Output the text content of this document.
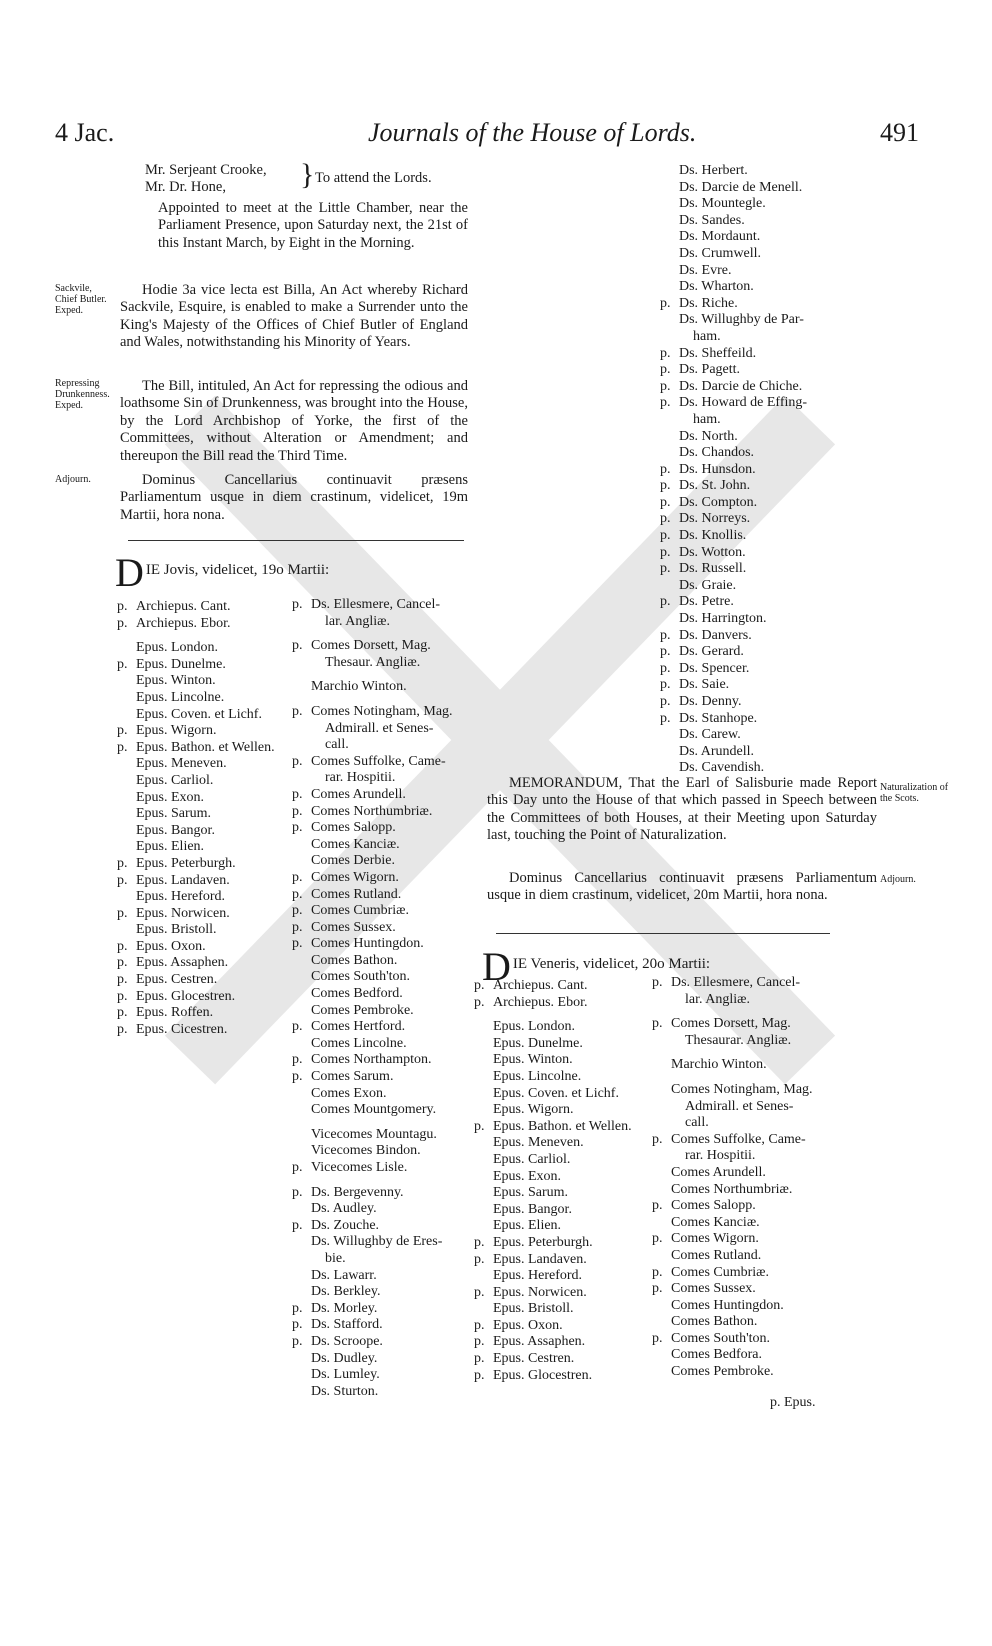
4 Jac.	Journals of the House of Lords.	491
Mr. Serjeant Crooke,
Mr. Dr. Hone,	} To attend the Lords.
Appointed to meet at the Little Chamber, near the Parliament Presence, upon Saturday next, the 21st of this Instant March, by Eight in the Morning.
Sackvile, Chief Butler. Exped.
Hodie 3a vice lecta est Billa, An Act whereby Richard Sackvile, Esquire, is enabled to make a Surrender unto the King's Majesty of the Offices of Chief Butler of England and Wales, notwithstanding his Minority of Years.
Repressing Drunkenness. Exped.
The Bill, intituled, An Act for repressing the odious and loathsome Sin of Drunkenness, was brought into the House, by the Lord Archbishop of Yorke, the first of the Committees, without Alteration or Amendment; and thereupon the Bill read the Third Time.
Adjourn.	Dominus Cancellarius continuavit præsens Parliamentum usque in diem crastinum, videlicet, 19m Martii, hora nona.
D IE Jovis, videlicet, 19o Martii:
p. Archiepus. Cant.
p. Archiepus. Ebor.
Epus. London.
p. Epus. Dunelme.
Epus. Winton.
Epus. Lincolne.
Epus. Coven. et Lichf.
p. Epus. Wigorn.
p. Epus. Bathon. et Wellen.
Epus. Meneven.
Epus. Carliol.
Epus. Exon.
Epus. Sarum.
Epus. Bangor.
Epus. Elien.
p. Epus. Peterburgh.
p. Epus. Landaven.
Epus. Hereford.
p. Epus. Norwicen.
Epus. Bristoll.
p. Epus. Oxon.
p. Epus. Assaphen.
p. Epus. Cestren.
p. Epus. Glocestren.
p. Epus. Roffen.
p. Epus. Cicestren.
p. Ds. Ellesmere, Cancel-
 lar. Angliæ.
p. Comes Dorsett, Mag.
 Thesaur. Angliæ.
Marchio Winton.
p. Comes Notingham, Mag.
 Admirall. et Senes-
 call.
p. Comes Suffolke, Came-
 rar. Hospitii.
p. Comes Arundell.
p. Comes Northumbriæ.
p. Comes Salopp.
Comes Kanciæ.
Comes Derbie.
p. Comes Wigorn.
p. Comes Rutland.
p. Comes Cumbriæ.
p. Comes Sussex.
p. Comes Huntingdon.
Comes Bathon.
Comes South'ton.
Comes Bedford.
Comes Pembroke.
p. Comes Hertford.
Comes Lincolne.
p. Comes Northampton.
p. Comes Sarum.
Comes Exon.
Comes Mountgomery.
Vicecomes Mountagu.
Vicecomes Bindon.
p. Vicecomes Lisle.
p. Ds. Bergevenny.
Ds. Audley.
p. Ds. Zouche.
Ds. Willughby de Eres-
 bie.
Ds. Lawarr.
Ds. Berkley.
p. Ds. Morley.
p. Ds. Stafford.
p. Ds. Scroope.
Ds. Dudley.
Ds. Lumley.
Ds. Sturton.
Ds. Herbert.
Ds. Darcie de Menell.
Ds. Mountegle.
Ds. Sandes.
Ds. Mordaunt.
Ds. Crumwell.
Ds. Evre.
Ds. Wharton.
p. Ds. Riche.
Ds. Willughby de Par-
 ham.
p. Ds. Sheffeild.
p. Ds. Pagett.
p. Ds. Darcie de Chiche.
p. Ds. Howard de Effing-
 ham.
Ds. North.
Ds. Chandos.
p. Ds. Hunsdon.
p. Ds. St. John.
p. Ds. Compton.
p. Ds. Norreys.
p. Ds. Knollis.
p. Ds. Wotton.
p. Ds. Russell.
Ds. Graie.
p. Ds. Petre.
Ds. Harrington.
p. Ds. Danvers.
p. Ds. Gerard.
p. Ds. Spencer.
p. Ds. Saie.
p. Ds. Denny.
p. Ds. Stanhope.
Ds. Carew.
Ds. Arundell.
Ds. Cavendish.
Naturalization of the Scots.
MEMORANDUM, That the Earl of Salisburie made Report this Day unto the House of that which passed in Speech between the Committees of both Houses, at their Meeting upon Saturday last, touching the Point of Naturalization.
Adjourn.
Dominus Cancellarius continuavit præsens Parliamentum usque in diem crastinum, videlicet, 20m Martii, hora nona.
D IE Veneris, videlicet, 20o Martii:
p. Archiepus. Cant.
p. Archiepus. Ebor.
Epus. London.
Epus. Dunelme.
Epus. Winton.
Epus. Lincolne.
Epus. Coven. et Lichf.
Epus. Wigorn.
p. Epus. Bathon. et Wellen.
Epus. Meneven.
Epus. Carliol.
Epus. Exon.
Epus. Sarum.
Epus. Bangor.
Epus. Elien.
p. Epus. Peterburgh.
p. Epus. Landaven.
Epus. Hereford.
p. Epus. Norwicen.
Epus. Bristoll.
p. Epus. Oxon.
p. Epus. Assaphen.
p. Epus. Cestren.
p. Epus. Glocestren.
p. Ds. Ellesmere, Cancel-
 lar. Angliæ.
p. Comes Dorsett, Mag.
 Thesaurar. Angliæ.
Marchio Winton.
Comes Notingham, Mag.
 Admirall. et Senes-
 call.
p. Comes Suffolke, Came-
 rar. Hospitii.
Comes Arundell.
Comes Northumbriæ.
p. Comes Salopp.
Comes Kanciæ.
p. Comes Wigorn.
Comes Rutland.
p. Comes Cumbriæ.
p. Comes Sussex.
Comes Huntingdon.
Comes Bathon.
p. Comes South'ton.
Comes Bedfora.
Comes Pembroke.
p. Epus.
